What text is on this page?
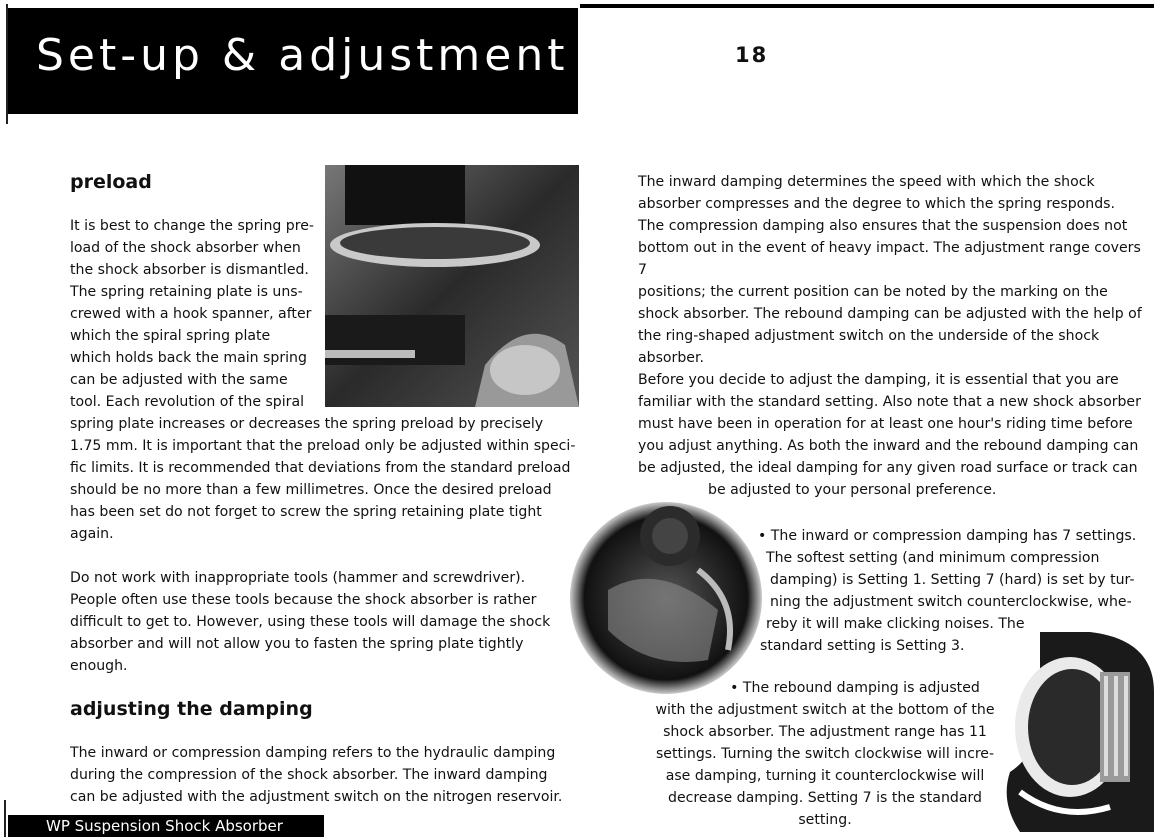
Set-up & adjustment	18
preload

It is best to change the spring pre-

load of the shock absorber when

the shock absorber is dismantled.

The spring retaining plate is uns-

crewed with a hook spanner, after

which the spiral spring plate

which holds back the main spring

can be adjusted with the same

tool. Each revolution of the spiral

spring plate increases or decreases the spring preload by precisely

1.75 mm. It is important that the preload only be adjusted within speci-

fic limits. It is recommended that deviations from the standard preload

should be no more than a few millimetres. Once the desired preload

has been set do not forget to screw the spring retaining plate tight

again.

Do not work with inappropriate tools (hammer and screwdriver).

People often use these tools because the shock absorber is rather

difficult to get to. However, using these tools will damage the shock

absorber and will not allow you to fasten the spring plate tightly

enough.

adjusting the damping

The inward or compression damping refers to the hydraulic damping

during the compression of the shock absorber. The inward damping

can be adjusted with the adjustment switch on the nitrogen reservoir.

The inward damping determines the speed with which the shock

absorber compresses and the degree to which the spring responds.

The compression damping also ensures that the suspension does not

bottom out in the event of heavy impact. The adjustment range covers 7

positions; the current position can be noted by the marking on the

shock absorber. The rebound damping can be adjusted with the help of

the ring-shaped adjustment switch on the underside of the shock

absorber.

Before you decide to adjust the damping, it is essential that you are

familiar with the standard setting. Also note that a new shock absorber

must have been in operation for at least one hour's riding time before

you adjust anything. As both the inward and the rebound damping can

be adjusted, the ideal damping for any given road surface or track can

be adjusted to your personal preference.

• The inward or compression damping has 7 settings.

The softest setting (and minimum compression

damping) is Setting 1. Setting 7 (hard) is set by tur-

ning the adjustment switch counterclockwise, whe-

reby it will make clicking noises. The

standard setting is Setting 3.

• The rebound damping is adjusted

with the adjustment switch at the bottom of the

shock absorber. The adjustment range has 11

settings. Turning the switch clockwise will incre-

ase damping, turning it counterclockwise will

decrease damping. Setting 7 is the standard setting.

WP Suspension Shock Absorber
